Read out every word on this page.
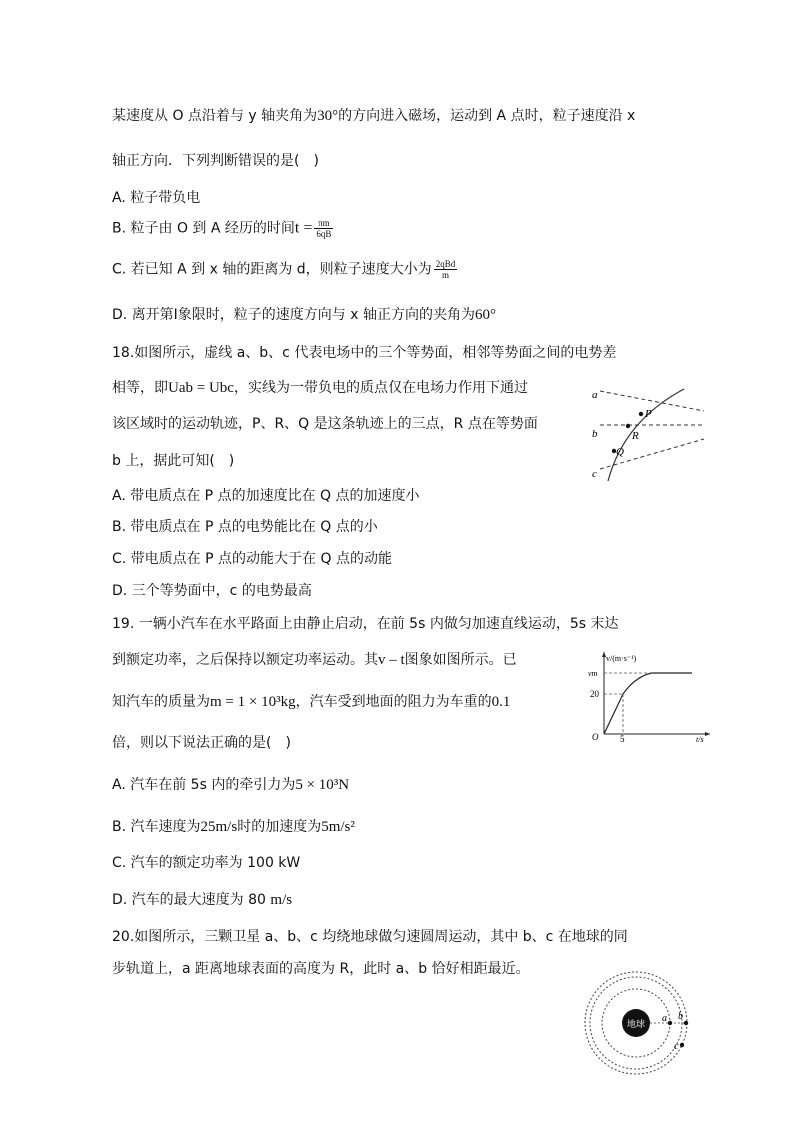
某速度从 O 点沿着与 y 轴夹角为30°的方向进入磁场，运动到 A 点时，粒子速度沿 x
轴正方向．下列判断错误的是(　)
A. 粒子带负电
B. 粒子由 O 到 A 经历的时间$t = \frac{\pi m}{6qB}$
C. 若已知 A 到 x 轴的距离为 d，则粒子速度大小为 $\frac{\text{2qBd}}{m}$
D. 离开第Ⅰ象限时，粒子的速度方向与 x 轴正方向的夹角为60°
18.如图所示，虚线 a、b、c 代表电场中的三个等势面，相邻等势面之间的电势差
相等，即Uab = Ubc，实线为一带负电的质点仅在电场力作用下通过
该区域时的运动轨迹，P、R、Q 是这条轨迹上的三点，R 点在等势面
b 上，据此可知(　)
a
b
c
P
R
Q
A. 带电质点在 P 点的加速度比在 Q 点的加速度小
B. 带电质点在 P 点的电势能比在 Q 点的小
C. 带电质点在 P 点的动能大于在 Q 点的动能
D. 三个等势面中，c 的电势最高
19. 一辆小汽车在水平路面上由静止启动，在前 5s 内做匀加速直线运动，5s 末达
到额定功率，之后保持以额定功率运动。其v – t图象如图所示。已
知汽车的质量为m = 1 × 10³kg，汽车受到地面的阻力为车重的0.1
倍，则以下说法正确的是(　)
v/(m·s⁻¹)
vm
20
O 5	t/s
A. 汽车在前 5s 内的牵引力为5 × 10³N
B. 汽车速度为25m/s时的加速度为5m/s²
C. 汽车的额定功率为 100 kW
D. 汽车的最大速度为 80 m/s
20.如图所示，三颗卫星 a、b、c 均绕地球做匀速圆周运动，其中 b、c 在地球的同
步轨道上，a 距离地球表面的高度为 R，此时 a、b 恰好相距最近。
地球
a b
c
